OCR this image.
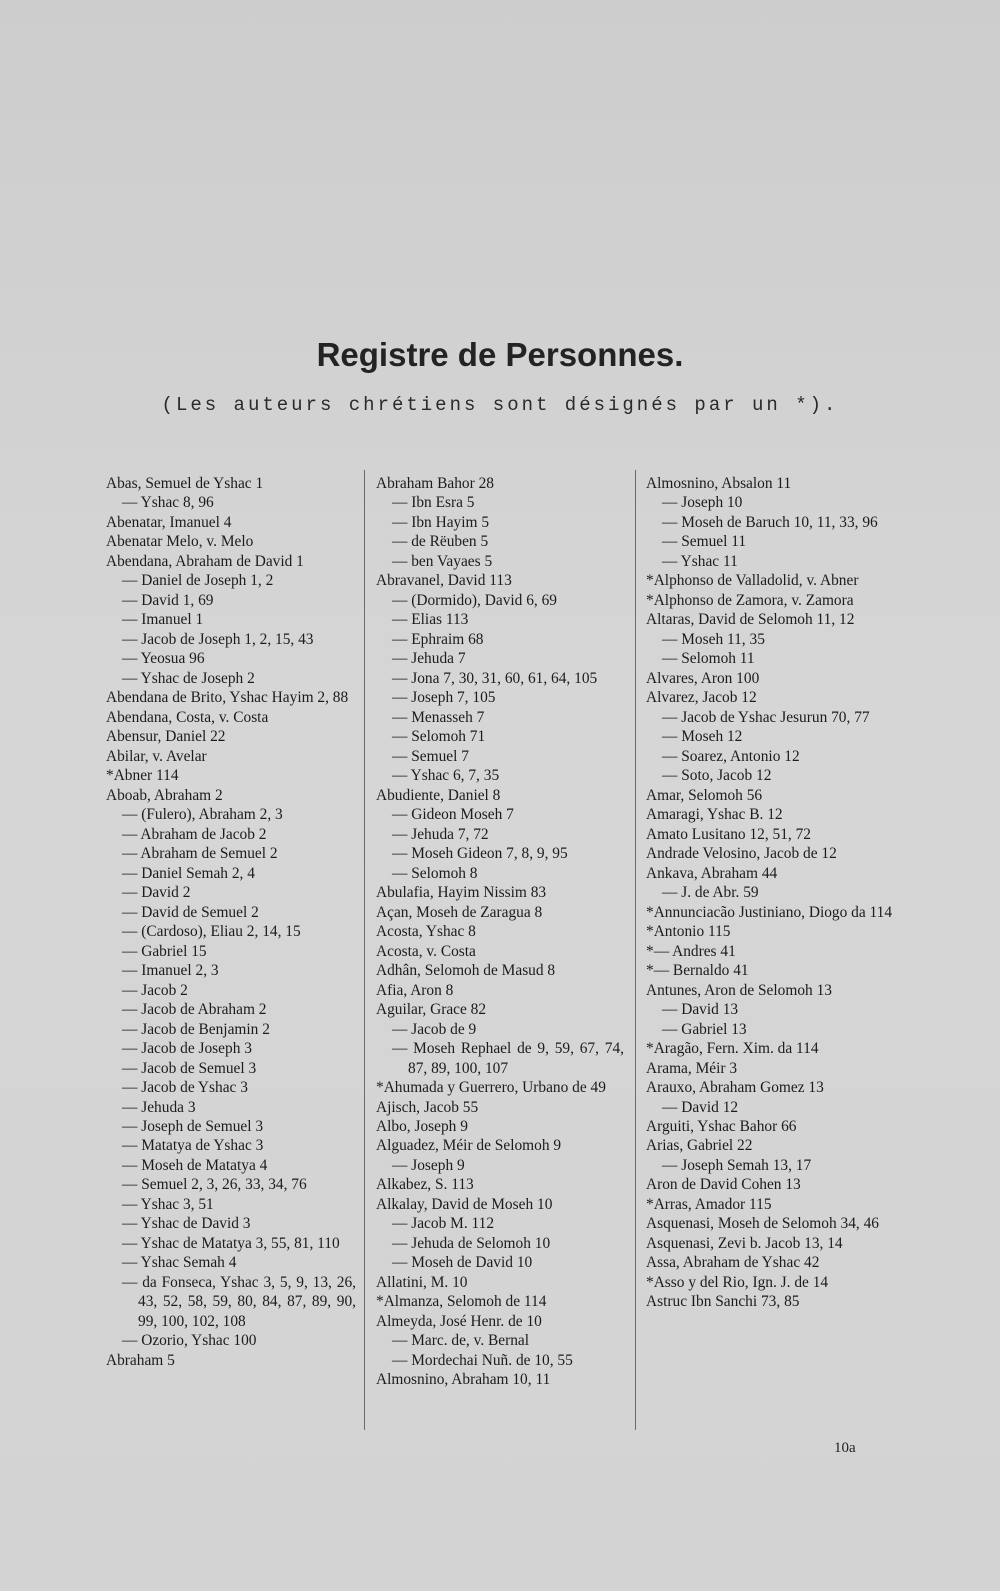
Registre de Personnes.
(Les auteurs chrétiens sont désignés par un *).
Abas, Semuel de Yshac 1
— Yshac 8, 96
Abenatar, Imanuel 4
Abenatar Melo, v. Melo
Abendana, Abraham de David 1
— Daniel de Joseph 1, 2
— David 1, 69
— Imanuel 1
— Jacob de Joseph 1, 2, 15, 43
— Yeosua 96
— Yshac de Joseph 2
Abendana de Brito, Yshac Hayim 2, 88
Abendana, Costa, v. Costa
Abensur, Daniel 22
Abilar, v. Avelar
*Abner 114
Aboab, Abraham 2
— (Fulero), Abraham 2, 3
— Abraham de Jacob 2
— Abraham de Semuel 2
— Daniel Semah 2, 4
— David 2
— David de Semuel 2
— (Cardoso), Eliau 2, 14, 15
— Gabriel 15
— Imanuel 2, 3
— Jacob 2
— Jacob de Abraham 2
— Jacob de Benjamin 2
— Jacob de Joseph 3
— Jacob de Semuel 3
— Jacob de Yshac 3
— Jehuda 3
— Joseph de Semuel 3
— Matatya de Yshac 3
— Moseh de Matatya 4
— Semuel 2, 3, 26, 33, 34, 76
— Yshac 3, 51
— Yshac de David 3
— Yshac de Matatya 3, 55, 81, 110
— Yshac Semah 4
— da Fonseca, Yshac 3, 5, 9, 13, 26, 43, 52, 58, 59, 80, 84, 87, 89, 90, 99, 100, 102, 108
— Ozorio, Yshac 100
Abraham 5
Abraham Bahor 28
— Ibn Esra 5
— Ibn Hayim 5
— de Rëuben 5
— ben Vayaes 5
Abravanel, David 113
— (Dormido), David 6, 69
— Elias 113
— Ephraim 68
— Jehuda 7
— Jona 7, 30, 31, 60, 61, 64, 105
— Joseph 7, 105
— Menasseh 7
— Selomoh 71
— Semuel 7
— Yshac 6, 7, 35
Abudiente, Daniel 8
— Gideon Moseh 7
— Jehuda 7, 72
— Moseh Gideon 7, 8, 9, 95
— Selomoh 8
Abulafia, Hayim Nissim 83
Açan, Moseh de Zaragua 8
Acosta, Yshac 8
Acosta, v. Costa
Adhân, Selomoh de Masud 8
Afia, Aron 8
Aguilar, Grace 82
— Jacob de 9
— Moseh Rephael de 9, 59, 67, 74, 87, 89, 100, 107
*Ahumada y Guerrero, Urbano de 49
Ajisch, Jacob 55
Albo, Joseph 9
Alguadez, Méir de Selomoh 9
— Joseph 9
Alkabez, S. 113
Alkalay, David de Moseh 10
— Jacob M. 112
— Jehuda de Selomoh 10
— Moseh de David 10
Allatini, M. 10
*Almanza, Selomoh de 114
Almeyda, José Henr. de 10
— Marc. de, v. Bernal
— Mordechai Nuñ. de 10, 55
Almosnino, Abraham 10, 11
Almosnino, Absalon 11
— Joseph 10
— Moseh de Baruch 10, 11, 33, 96
— Semuel 11
— Yshac 11
*Alphonso de Valladolid, v. Abner
*Alphonso de Zamora, v. Zamora
Altaras, David de Selomoh 11, 12
— Moseh 11, 35
— Selomoh 11
Alvares, Aron 100
Alvarez, Jacob 12
— Jacob de Yshac Jesurun 70, 77
— Moseh 12
— Soarez, Antonio 12
— Soto, Jacob 12
Amar, Selomoh 56
Amaragi, Yshac B. 12
Amato Lusitano 12, 51, 72
Andrade Velosino, Jacob de 12
Ankava, Abraham 44
— J. de Abr. 59
*Annunciacão Justiniano, Diogo da 114
*Antonio 115
*— Andres 41
*— Bernaldo 41
Antunes, Aron de Selomoh 13
— David 13
— Gabriel 13
*Aragão, Fern. Xim. da 114
Arama, Méir 3
Arauxo, Abraham Gomez 13
— David 12
Arguiti, Yshac Bahor 66
Arias, Gabriel 22
— Joseph Semah 13, 17
Aron de David Cohen 13
*Arras, Amador 115
Asquenasi, Moseh de Selomoh 34, 46
Asquenasi, Zevi b. Jacob 13, 14
Assa, Abraham de Yshac 42
*Asso y del Rio, Ign. J. de 14
Astruc Ibn Sanchi 73, 85
10a
